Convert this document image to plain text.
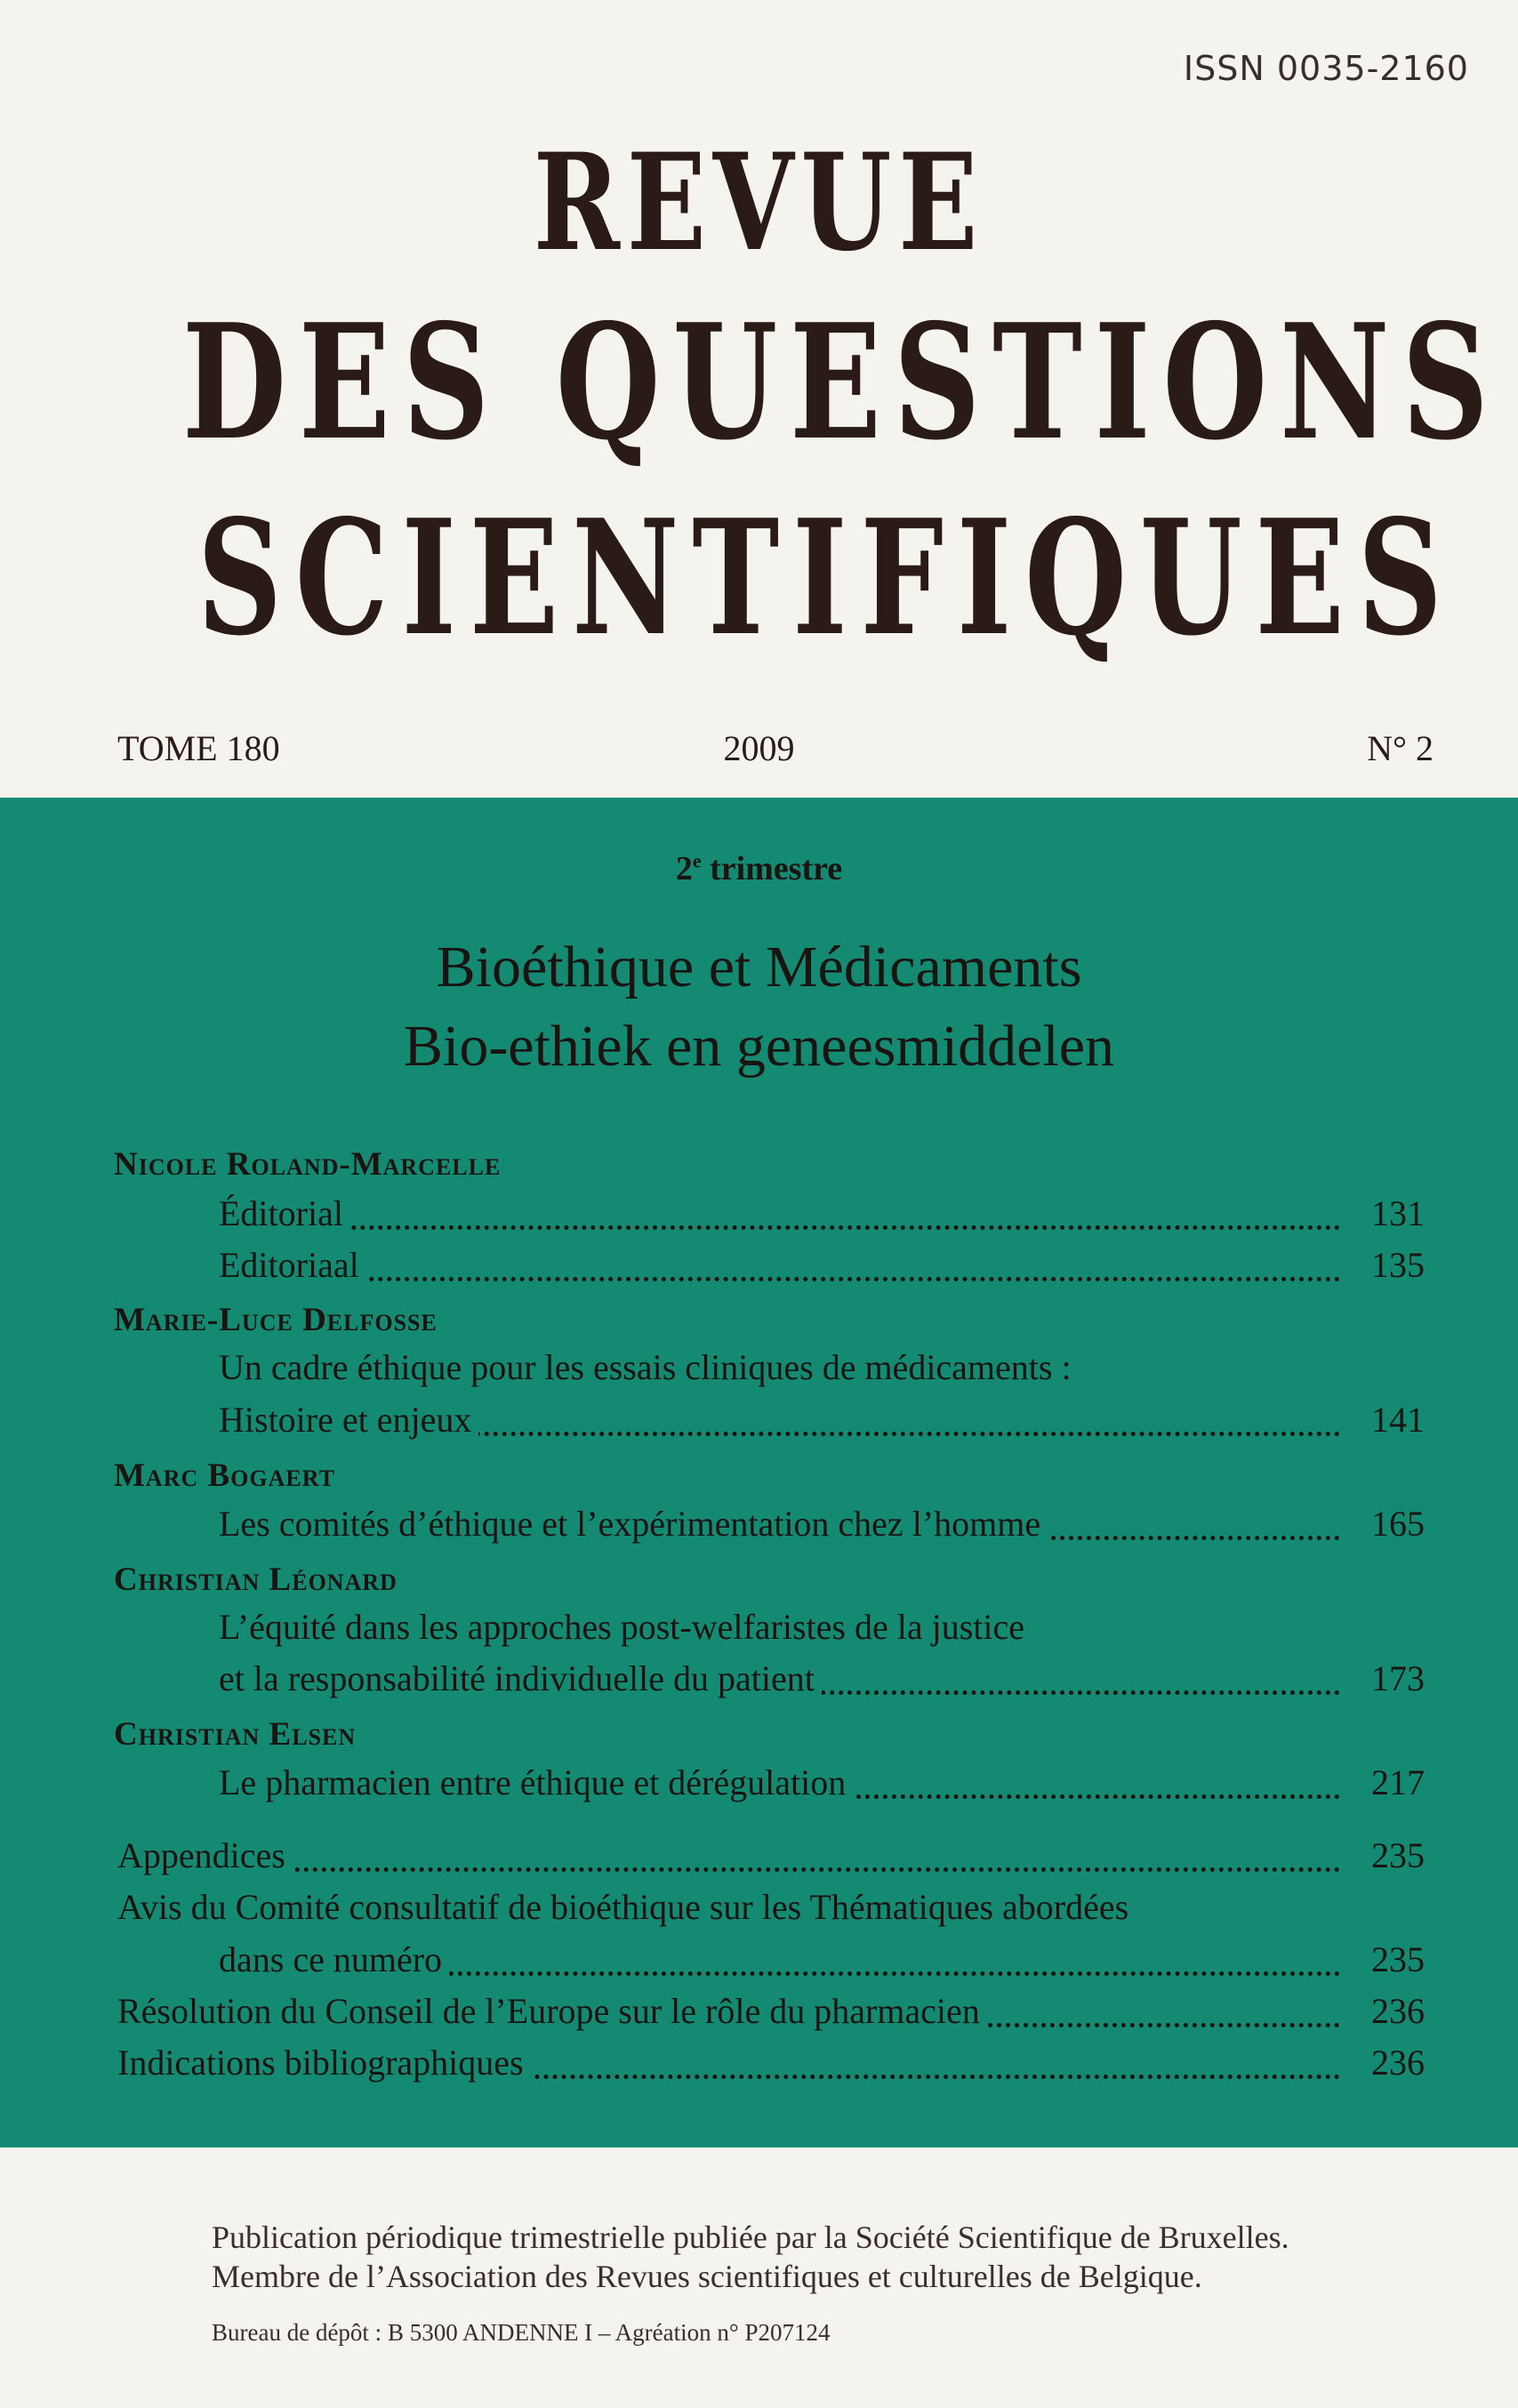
ISSN 0035-2160
REVUE
DES QUESTIONS
SCIENTIFIQUES
TOME 180	2009	N° 2
2e trimestre
Bioéthique et Médicaments
Bio-ethiek en geneesmiddelen
Nicole Roland-Marcelle
Éditorial	131
Editoriaal	135
Marie-Luce Delfosse
Un cadre éthique pour les essais cliniques de médicaments :
Histoire et enjeux	141
Marc Bogaert
Les comités d’éthique et l’expérimentation chez l’homme	165
Christian Léonard
L’équité dans les approches post-welfaristes de la justice
et la responsabilité individuelle du patient	173
Christian Elsen
Le pharmacien entre éthique et dérégulation	217
Appendices	235
Avis du Comité consultatif de bioéthique sur les Thématiques abordées
dans ce numéro	235
Résolution du Conseil de l’Europe sur le rôle du pharmacien	236
Indications bibliographiques	236
Publication périodique trimestrielle publiée par la Société Scientifique de Bruxelles.
Membre de l’Association des Revues scientifiques et culturelles de Belgique.
Bureau de dépôt : B 5300 ANDENNE I – Agréation n° P207124
